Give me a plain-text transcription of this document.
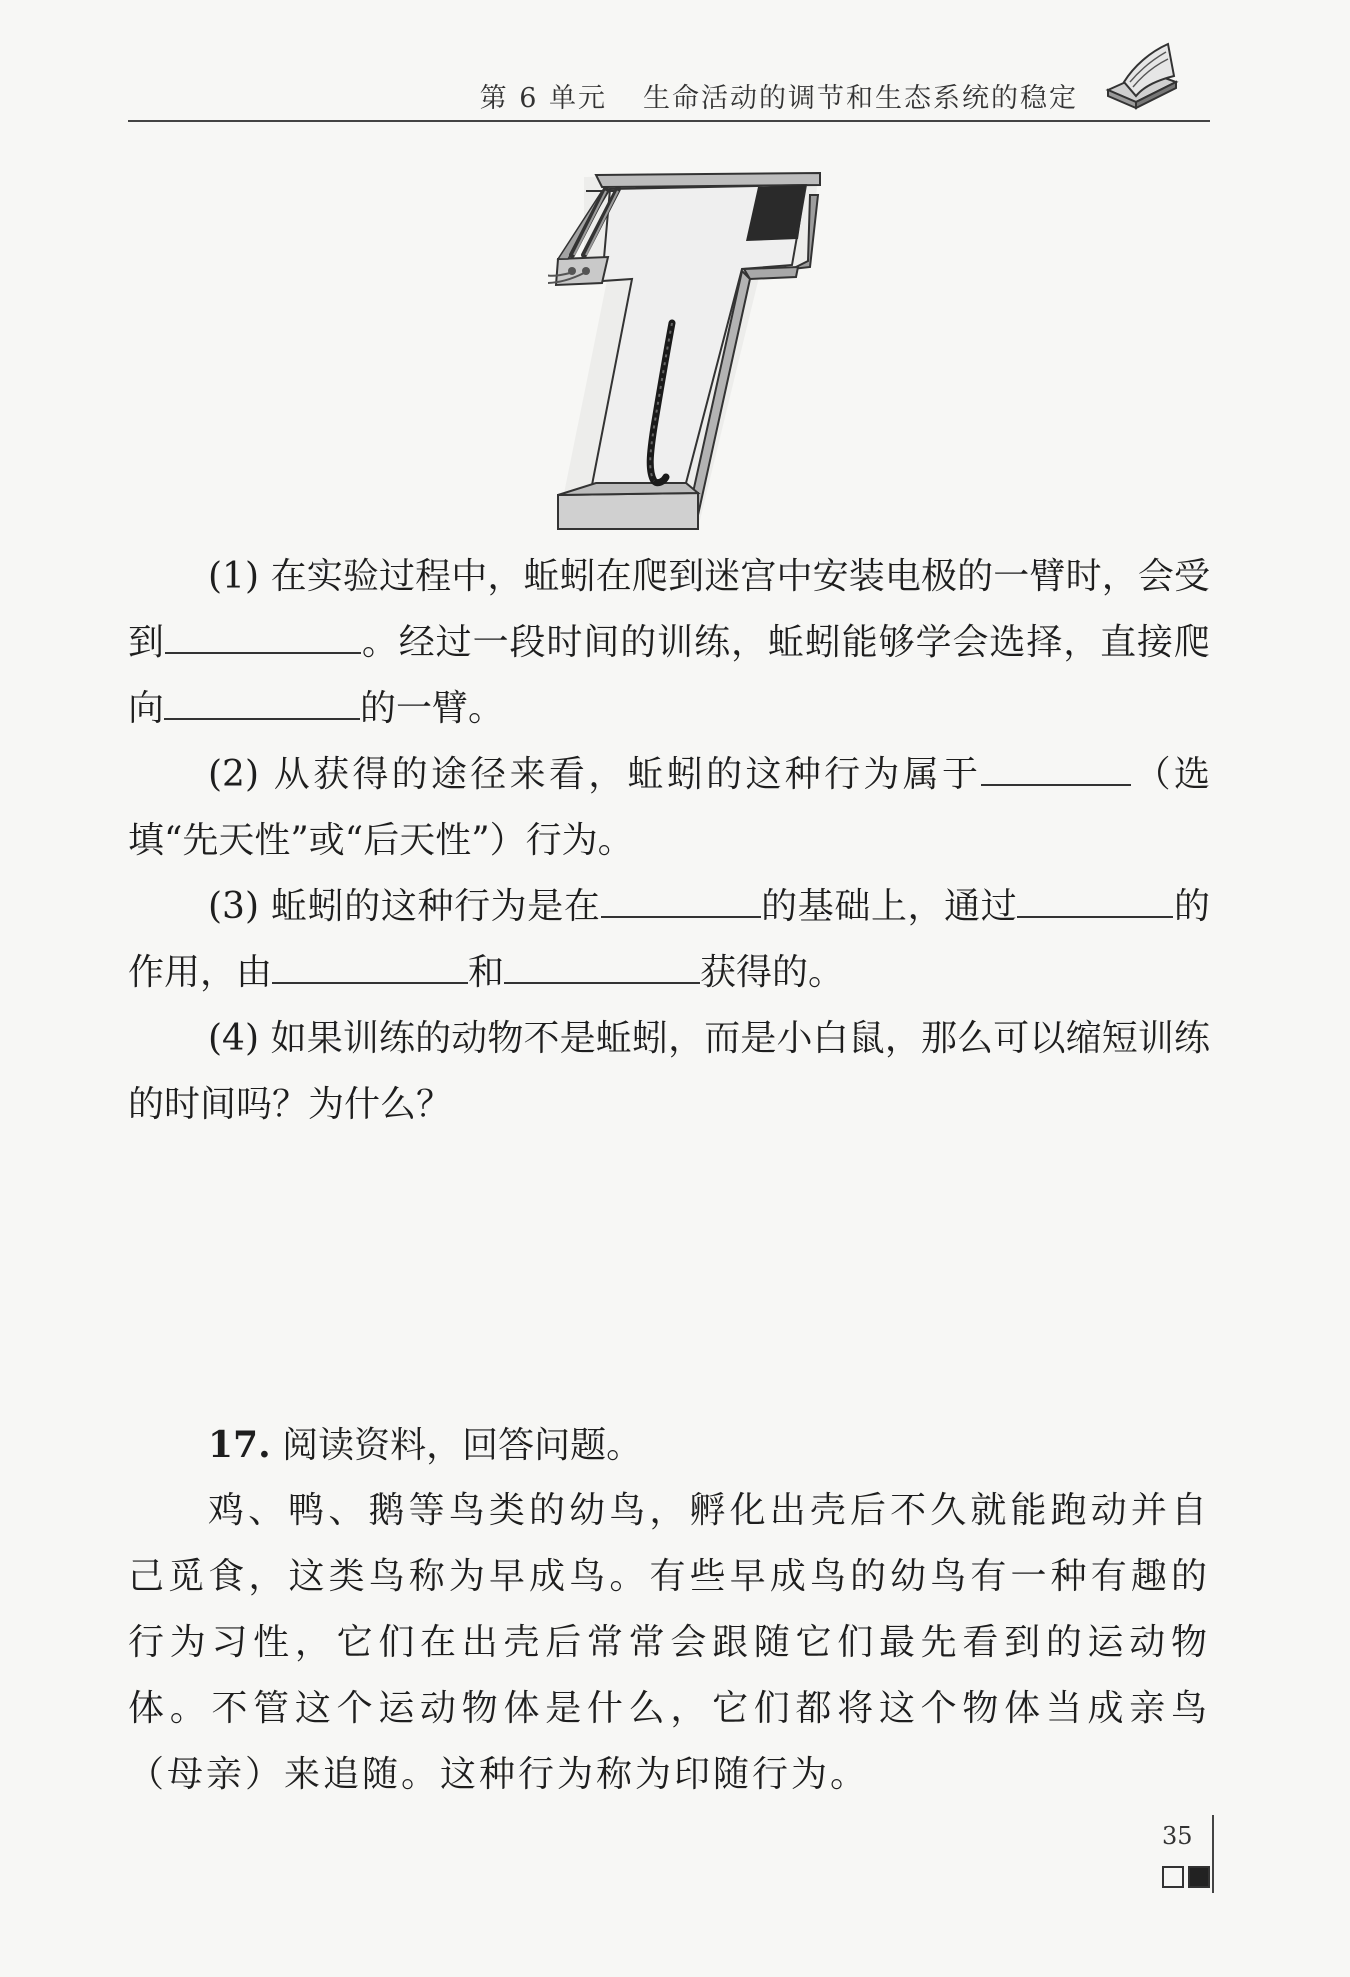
第 6 单元 生命活动的调节和生态系统的稳定

(1) 在实验过程中，蚯蚓在爬到迷宫中安装电极的一臂时，会受到	。经过一段时间的训练，蚯蚓能够学会选择，直接爬向	的一臂。

(2) 从获得的途径来看，蚯蚓的这种行为属于	（选填“先天性”或“后天性”）行为。

(3) 蚯蚓的这种行为是在	的基础上，通过	的作用，由	和	获得的。

(4) 如果训练的动物不是蚯蚓，而是小白鼠，那么可以缩短训练的时间吗？为什么？

17. 阅读资料，回答问题。

鸡、鸭、鹅等鸟类的幼鸟，孵化出壳后不久就能跑动并自己觅食，这类鸟称为早成鸟。有些早成鸟的幼鸟有一种有趣的行为习性，它们在出壳后常常会跟随它们最先看到的运动物体。不管这个运动物体是什么，它们都将这个物体当成亲鸟（母亲）来追随。这种行为称为印随行为。

35
